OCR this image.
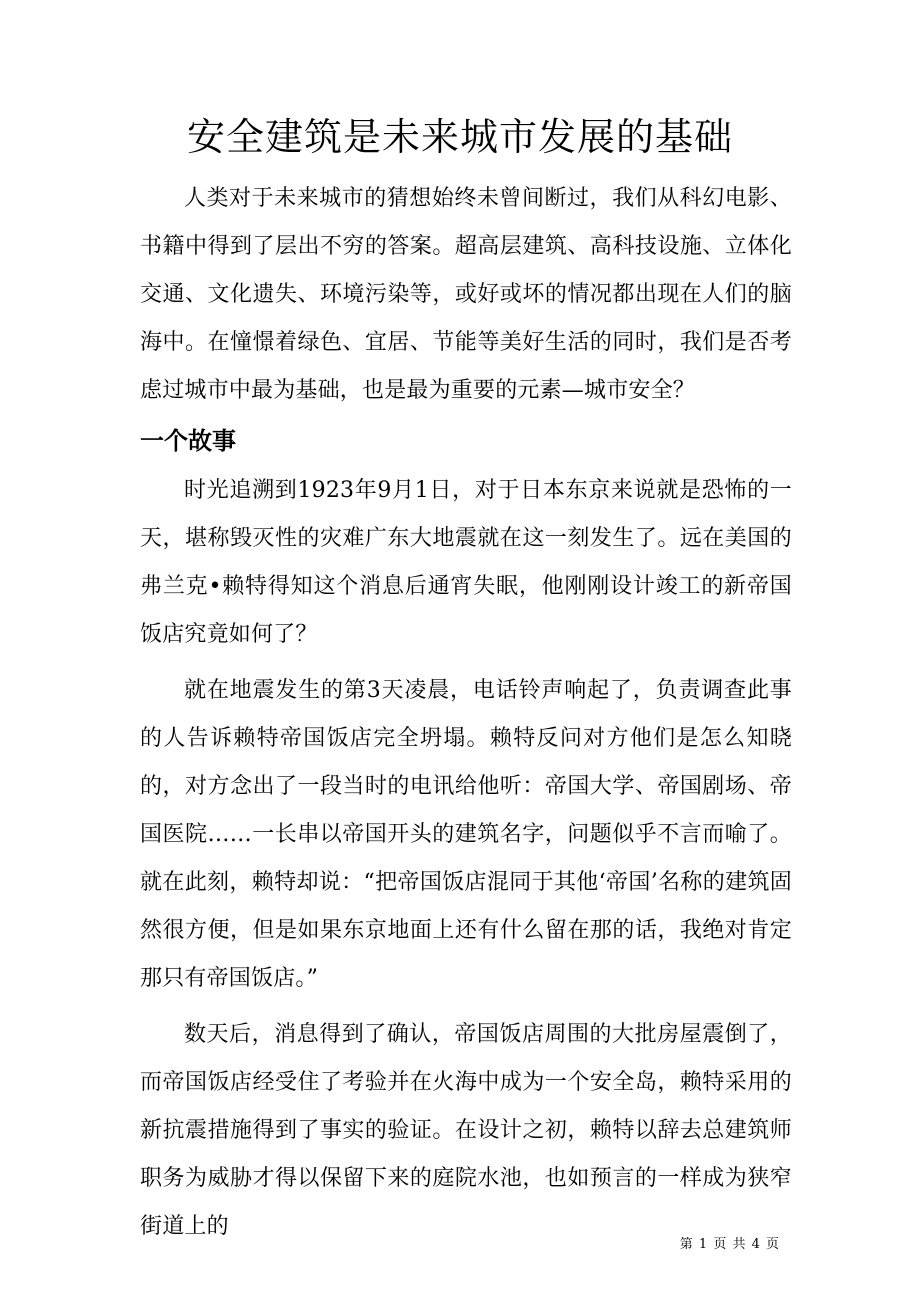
安全建筑是未来城市发展的基础

人类对于未来城市的猜想始终未曾间断过，我们从科幻电影、书籍中得到了层出不穷的答案。超高层建筑、高科技设施、立体化交通、文化遗失、环境污染等，或好或坏的情况都出现在人们的脑海中。在憧憬着绿色、宜居、节能等美好生活的同时，我们是否考虑过城市中最为基础，也是最为重要的元素—城市安全？

一个故事

时光追溯到1923年9月1日，对于日本东京来说就是恐怖的一天，堪称毁灭性的灾难广东大地震就在这一刻发生了。远在美国的弗兰克•赖特得知这个消息后通宵失眠，他刚刚设计竣工的新帝国饭店究竟如何了？

就在地震发生的第3天凌晨，电话铃声响起了，负责调查此事的人告诉赖特帝国饭店完全坍塌。赖特反问对方他们是怎么知晓的，对方念出了一段当时的电讯给他听：帝国大学、帝国剧场、帝国医院……一长串以帝国开头的建筑名字，问题似乎不言而喻了。就在此刻，赖特却说：“把帝国饭店混同于其他‘帝国’名称的建筑固然很方便，但是如果东京地面上还有什么留在那的话，我绝对肯定那只有帝国饭店。”

数天后，消息得到了确认，帝国饭店周围的大批房屋震倒了，而帝国饭店经受住了考验并在火海中成为一个安全岛，赖特采用的新抗震措施得到了事实的验证。在设计之初，赖特以辞去总建筑师职务为威胁才得以保留下来的庭院水池，也如预言的一样成为狭窄街道上的

第 1 页 共 4 页
